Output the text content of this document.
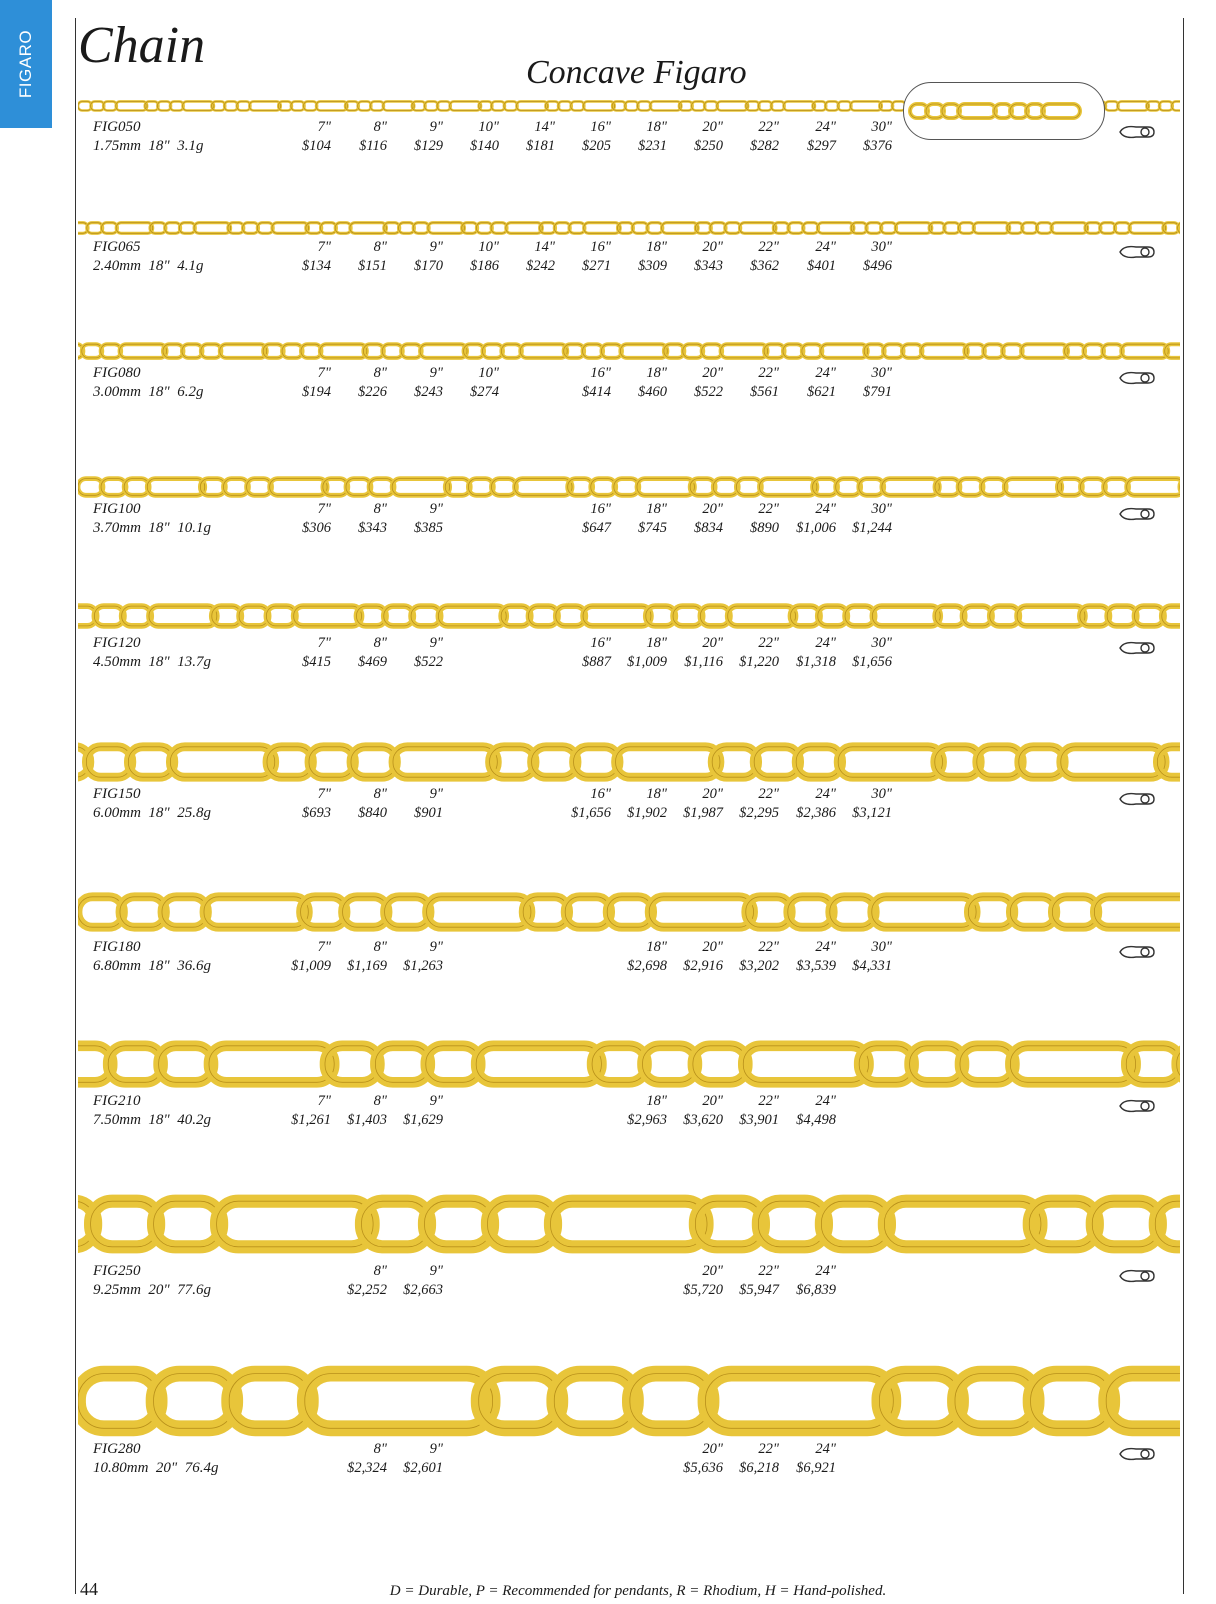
FIGARO Chain	Concave Figaro
FIG050
1.75mm  18"  3.1g
7"	8"	9"	10"	14"	16"	18"	20"	22"	24"	30"
$104	$116	$129	$140	$181	$205	$231	$250	$282	$297	$376
FIG065
2.40mm  18"  4.1g
7"	8"	9"	10"	14"	16"	18"	20"	22"	24"	30"
$134	$151	$170	$186	$242	$271	$309	$343	$362	$401	$496
FIG080
3.00mm  18"  6.2g
7"	8"	9"	10"	16"	18"	20"	22"	24"	30"
$194	$226	$243	$274	$414	$460	$522	$561	$621	$791
FIG100
3.70mm  18"  10.1g
7"	8"	9"	16"	18"	20"	22"	24"	30"
$306	$343	$385	$647	$745	$834	$890	$1,006	$1,244
FIG120
4.50mm  18"  13.7g
7"	8"	9"	16"	18"	20"	22"	24"	30"
$415	$469	$522	$887	$1,009	$1,116	$1,220	$1,318	$1,656
FIG150
6.00mm  18"  25.8g
7"	8"	9"	16"	18"	20"	22"	24"	30"
$693	$840	$901	$1,656	$1,902	$1,987	$2,295	$2,386	$3,121
FIG180
6.80mm  18"  36.6g
7"	8"	9"	18"	20"	22"	24"	30"
$1,009	$1,169	$1,263	$2,698	$2,916	$3,202	$3,539	$4,331
FIG210
7.50mm  18"  40.2g
7"	8"	9"	18"	20"	22"	24"
$1,261	$1,403	$1,629	$2,963	$3,620	$3,901	$4,498
FIG250
9.25mm  20"  77.6g
8"	9"	20"	22"	24"
$2,252	$2,663	$5,720	$5,947	$6,839
FIG280
10.80mm  20"  76.4g
8"	9"	20"	22"	24"
$2,324	$2,601	$5,636	$6,218	$6,921
44	D = Durable, P = Recommended for pendants, R = Rhodium, H = Hand-polished.
